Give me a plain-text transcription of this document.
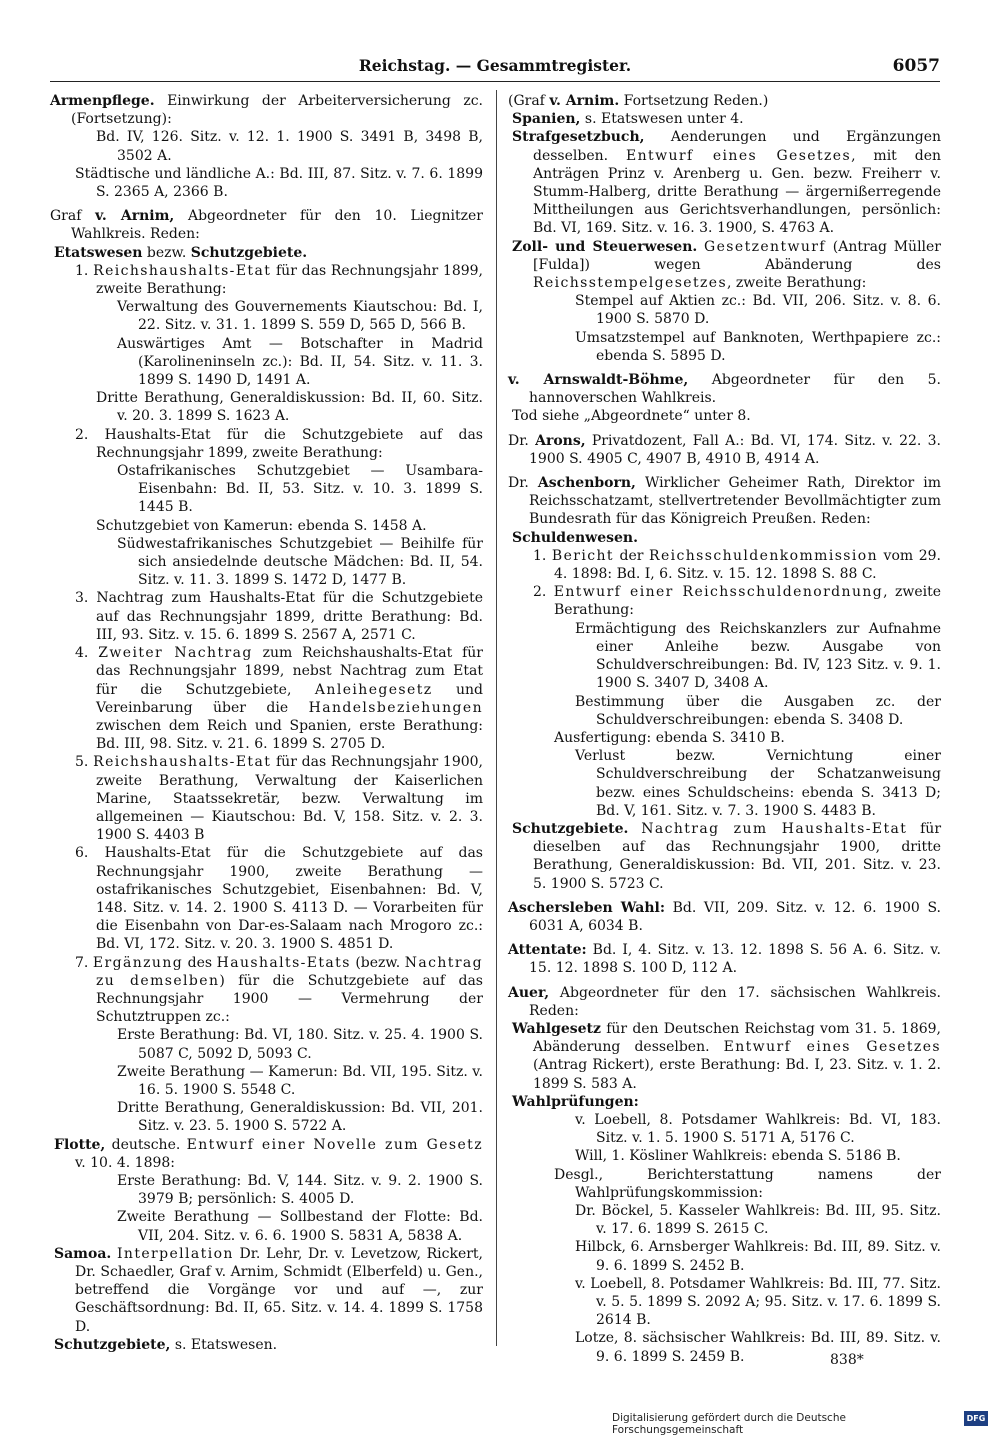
Reichstag. — Gesammtregister.	6057

Armenpflege. Einwirkung der Arbeiterversicherung zc. (Fortsetzung):

Bd. IV, 126. Sitz. v. 12. 1. 1900 S. 3491 B, 3498 B, 3502 A.

Städtische und ländliche A.: Bd. III, 87. Sitz. v. 7. 6. 1899 S. 2365 A, 2366 B.

Graf v. Arnim, Abgeordneter für den 10. Liegnitzer Wahlkreis. Reden:

Etatswesen bezw. Schutzgebiete.

1. Reichshaushalts-Etat für das Rechnungsjahr 1899, zweite Berathung:

Verwaltung des Gouvernements Kiautschou: Bd. I, 22. Sitz. v. 31. 1. 1899 S. 559 D, 565 D, 566 B.

Auswärtiges Amt — Botschafter in Madrid (Karolineninseln zc.): Bd. II, 54. Sitz. v. 11. 3. 1899 S. 1490 D, 1491 A.

Dritte Berathung, Generaldiskussion: Bd. II, 60. Sitz. v. 20. 3. 1899 S. 1623 A.

2. Haushalts-Etat für die Schutzgebiete auf das Rechnungsjahr 1899, zweite Berathung:

Ostafrikanisches Schutzgebiet — Usambara-Eisenbahn: Bd. II, 53. Sitz. v. 10. 3. 1899 S. 1445 B.

Schutzgebiet von Kamerun: ebenda S. 1458 A.

Südwestafrikanisches Schutzgebiet — Beihilfe für sich ansiedelnde deutsche Mädchen: Bd. II, 54. Sitz. v. 11. 3. 1899 S. 1472 D, 1477 B.

3. Nachtrag zum Haushalts-Etat für die Schutzgebiete auf das Rechnungsjahr 1899, dritte Berathung: Bd. III, 93. Sitz. v. 15. 6. 1899 S. 2567 A, 2571 C.

4. Zweiter Nachtrag zum Reichshaushalts-Etat für das Rechnungsjahr 1899, nebst Nachtrag zum Etat für die Schutzgebiete, Anleihegesetz und Vereinbarung über die Handelsbeziehungen zwischen dem Reich und Spanien, erste Berathung: Bd. III, 98. Sitz. v. 21. 6. 1899 S. 2705 D.

5. Reichshaushalts-Etat für das Rechnungsjahr 1900, zweite Berathung, Verwaltung der Kaiserlichen Marine, Staatssekretär, bezw. Verwaltung im allgemeinen — Kiautschou: Bd. V, 158. Sitz. v. 2. 3. 1900 S. 4403 B

6. Haushalts-Etat für die Schutzgebiete auf das Rechnungsjahr 1900, zweite Berathung — ostafrikanisches Schutzgebiet, Eisenbahnen: Bd. V, 148. Sitz. v. 14. 2. 1900 S. 4113 D. — Vorarbeiten für die Eisenbahn von Dar-es-Salaam nach Mrogoro zc.: Bd. VI, 172. Sitz. v. 20. 3. 1900 S. 4851 D.

7. Ergänzung des Haushalts-Etats (bezw. Nachtrag zu demselben) für die Schutzgebiete auf das Rechnungsjahr 1900 — Vermehrung der Schutztruppen zc.:

Erste Berathung: Bd. VI, 180. Sitz. v. 25. 4. 1900 S. 5087 C, 5092 D, 5093 C.

Zweite Berathung — Kamerun: Bd. VII, 195. Sitz. v. 16. 5. 1900 S. 5548 C.

Dritte Berathung, Generaldiskussion: Bd. VII, 201. Sitz. v. 23. 5. 1900 S. 5722 A.

Flotte, deutsche. Entwurf einer Novelle zum Gesetz v. 10. 4. 1898:

Erste Berathung: Bd. V, 144. Sitz. v. 9. 2. 1900 S. 3979 B; persönlich: S. 4005 D.

Zweite Berathung — Sollbestand der Flotte: Bd. VII, 204. Sitz. v. 6. 6. 1900 S. 5831 A, 5838 A.

Samoa. Interpellation Dr. Lehr, Dr. v. Levetzow, Rickert, Dr. Schaedler, Graf v. Arnim, Schmidt (Elberfeld) u. Gen., betreffend die Vorgänge vor und auf —, zur Geschäftsordnung: Bd. II, 65. Sitz. v. 14. 4. 1899 S. 1758 D.

Schutzgebiete, s. Etatswesen.

(Graf v. Arnim. Fortsetzung Reden.)

Spanien, s. Etatswesen unter 4.

Strafgesetzbuch, Aenderungen und Ergänzungen desselben. Entwurf eines Gesetzes, mit den Anträgen Prinz v. Arenberg u. Gen. bezw. Freiherr v. Stumm-Halberg, dritte Berathung — ärgernißerregende Mittheilungen aus Gerichtsverhandlungen, persönlich: Bd. VI, 169. Sitz. v. 16. 3. 1900, S. 4763 A.

Zoll- und Steuerwesen. Gesetzentwurf (Antrag Müller [Fulda]) wegen Abänderung des Reichsstempelgesetzes, zweite Berathung:

Stempel auf Aktien zc.: Bd. VII, 206. Sitz. v. 8. 6. 1900 S. 5870 D.

Umsatzstempel auf Banknoten, Werthpapiere zc.: ebenda S. 5895 D.

v. Arnswaldt-Böhme, Abgeordneter für den 5. hannoverschen Wahlkreis.

Tod siehe „Abgeordnete“ unter 8.

Dr. Arons, Privatdozent, Fall A.: Bd. VI, 174. Sitz. v. 22. 3. 1900 S. 4905 C, 4907 B, 4910 B, 4914 A.

Dr. Aschenborn, Wirklicher Geheimer Rath, Direktor im Reichsschatzamt, stellvertretender Bevollmächtigter zum Bundesrath für das Königreich Preußen. Reden:

Schuldenwesen.

1. Bericht der Reichsschuldenkommission vom 29. 4. 1898: Bd. I, 6. Sitz. v. 15. 12. 1898 S. 88 C.

2. Entwurf einer Reichsschuldenordnung, zweite Berathung:

Ermächtigung des Reichskanzlers zur Aufnahme einer Anleihe bezw. Ausgabe von Schuldverschreibungen: Bd. IV, 123 Sitz. v. 9. 1. 1900 S. 3407 D, 3408 A.

Bestimmung über die Ausgaben zc. der Schuldverschreibungen: ebenda S. 3408 D.

Ausfertigung: ebenda S. 3410 B.

Verlust bezw. Vernichtung einer Schuldverschreibung der Schatzanweisung bezw. eines Schuldscheins: ebenda S. 3413 D; Bd. V, 161. Sitz. v. 7. 3. 1900 S. 4483 B.

Schutzgebiete. Nachtrag zum Haushalts-Etat für dieselben auf das Rechnungsjahr 1900, dritte Berathung, Generaldiskussion: Bd. VII, 201. Sitz. v. 23. 5. 1900 S. 5723 C.

Aschersleben Wahl: Bd. VII, 209. Sitz. v. 12. 6. 1900 S. 6031 A, 6034 B.

Attentate: Bd. I, 4. Sitz. v. 13. 12. 1898 S. 56 A. 6. Sitz. v. 15. 12. 1898 S. 100 D, 112 A.

Auer, Abgeordneter für den 17. sächsischen Wahlkreis. Reden:

Wahlgesetz für den Deutschen Reichstag vom 31. 5. 1869, Abänderung desselben. Entwurf eines Gesetzes (Antrag Rickert), erste Berathung: Bd. I, 23. Sitz. v. 1. 2. 1899 S. 583 A.

Wahlprüfungen:

v. Loebell, 8. Potsdamer Wahlkreis: Bd. VI, 183. Sitz. v. 1. 5. 1900 S. 5171 A, 5176 C.

Will, 1. Kösliner Wahlkreis: ebenda S. 5186 B.

Desgl., Berichterstattung namens der Wahlprüfungskommission:

Dr. Böckel, 5. Kasseler Wahlkreis: Bd. III, 95. Sitz. v. 17. 6. 1899 S. 2615 C.

Hilbck, 6. Arnsberger Wahlkreis: Bd. III, 89. Sitz. v. 9. 6. 1899 S. 2452 B.

v. Loebell, 8. Potsdamer Wahlkreis: Bd. III, 77. Sitz. v. 5. 5. 1899 S. 2092 A; 95. Sitz. v. 17. 6. 1899 S. 2614 B.

Lotze, 8. sächsischer Wahlkreis: Bd. III, 89. Sitz. v. 9. 6. 1899 S. 2459 B.	838*
Digitalisierung gefördert durch die Deutsche Forschungsgemeinschaft
DFG
